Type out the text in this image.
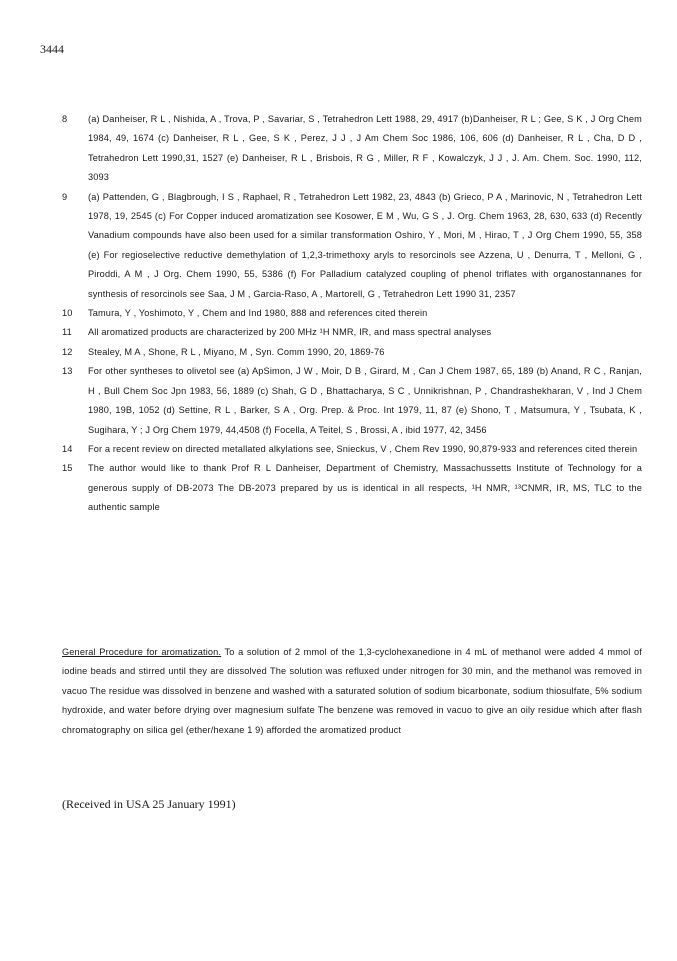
3444
8 (a) Danheiser, R L , Nishida, A , Trova, P , Savariar, S , Tetrahedron Lett 1988, 29, 4917 (b)Danheiser, R L ; Gee, S K , J Org Chem 1984, 49, 1674 (c) Danheiser, R L , Gee, S K , Perez, J J , J Am Chem Soc 1986, 106, 606 (d) Danheiser, R L , Cha, D D , Tetrahedron Lett 1990,31, 1527 (e) Danheiser, R L , Brisbois, R G , Miller, R F , Kowalczyk, J J , J. Am. Chem. Soc. 1990, 112, 3093
9 (a) Pattenden, G , Blagbrough, I S , Raphael, R , Tetrahedron Lett 1982, 23, 4843 (b) Grieco, P A , Marinovic, N , Tetrahedron Lett 1978, 19, 2545 (c) For Copper induced aromatization see Kosower, E M , Wu, G S , J. Org. Chem 1963, 28, 630, 633 (d) Recently Vanadium compounds have also been used for a similar transformation Oshiro, Y , Mori, M , Hirao, T , J Org Chem 1990, 55, 358 (e) For regioselective reductive demethylation of 1,2,3-trimethoxy aryls to resorcinols see Azzena, U , Denurra, T , Melloni, G , Piroddi, A M , J Org. Chem 1990, 55, 5386 (f) For Palladium catalyzed coupling of phenol triflates with organostannanes for synthesis of resorcinols see Saa, J M , Garcia-Raso, A , Martorell, G , Tetrahedron Lett 1990 31, 2357
10 Tamura, Y , Yoshimoto, Y , Chem and Ind 1980, 888 and references cited therein
11 All aromatized products are characterized by 200 MHz ¹H NMR, IR, and mass spectral analyses
12 Stealey, M A , Shone, R L , Miyano, M , Syn. Comm 1990, 20, 1869-76
13 For other syntheses to olivetol see (a) ApSimon, J W , Moir, D B , Girard, M , Can J Chem 1987, 65, 189 (b) Anand, R C , Ranjan, H , Bull Chem Soc Jpn 1983, 56, 1889 (c) Shah, G D , Bhattacharya, S C , Unnikrishnan, P , Chandrashekharan, V , Ind J Chem 1980, 19B, 1052 (d) Settine, R L , Barker, S A , Org. Prep. & Proc. Int 1979, 11, 87 (e) Shono, T , Matsumura, Y , Tsubata, K , Sugihara, Y ; J Org Chem 1979, 44,4508 (f) Focella, A Teitel, S , Brossi, A , ibid 1977, 42, 3456
14 For a recent review on directed metallated alkylations see, Snieckus, V , Chem Rev 1990, 90,879-933 and references cited therein
15 The author would like to thank Prof R L Danheiser, Department of Chemistry, Massachussetts Institute of Technology for a generous supply of DB-2073 The DB-2073 prepared by us is identical in all respects, ¹H NMR, ¹³CNMR, IR, MS, TLC to the authentic sample
General Procedure for aromatization. To a solution of 2 mmol of the 1,3-cyclohexanedione in 4 mL of methanol were added 4 mmol of iodine beads and stirred until they are dissolved The solution was refluxed under nitrogen for 30 min, and the methanol was removed in vacuo The residue was dissolved in benzene and washed with a saturated solution of sodium bicarbonate, sodium thiosulfate, 5% sodium hydroxide, and water before drying over magnesium sulfate The benzene was removed in vacuo to give an oily residue which after flash chromatography on silica gel (ether/hexane 1 9) afforded the aromatized product
(Received in USA 25 January 1991)
